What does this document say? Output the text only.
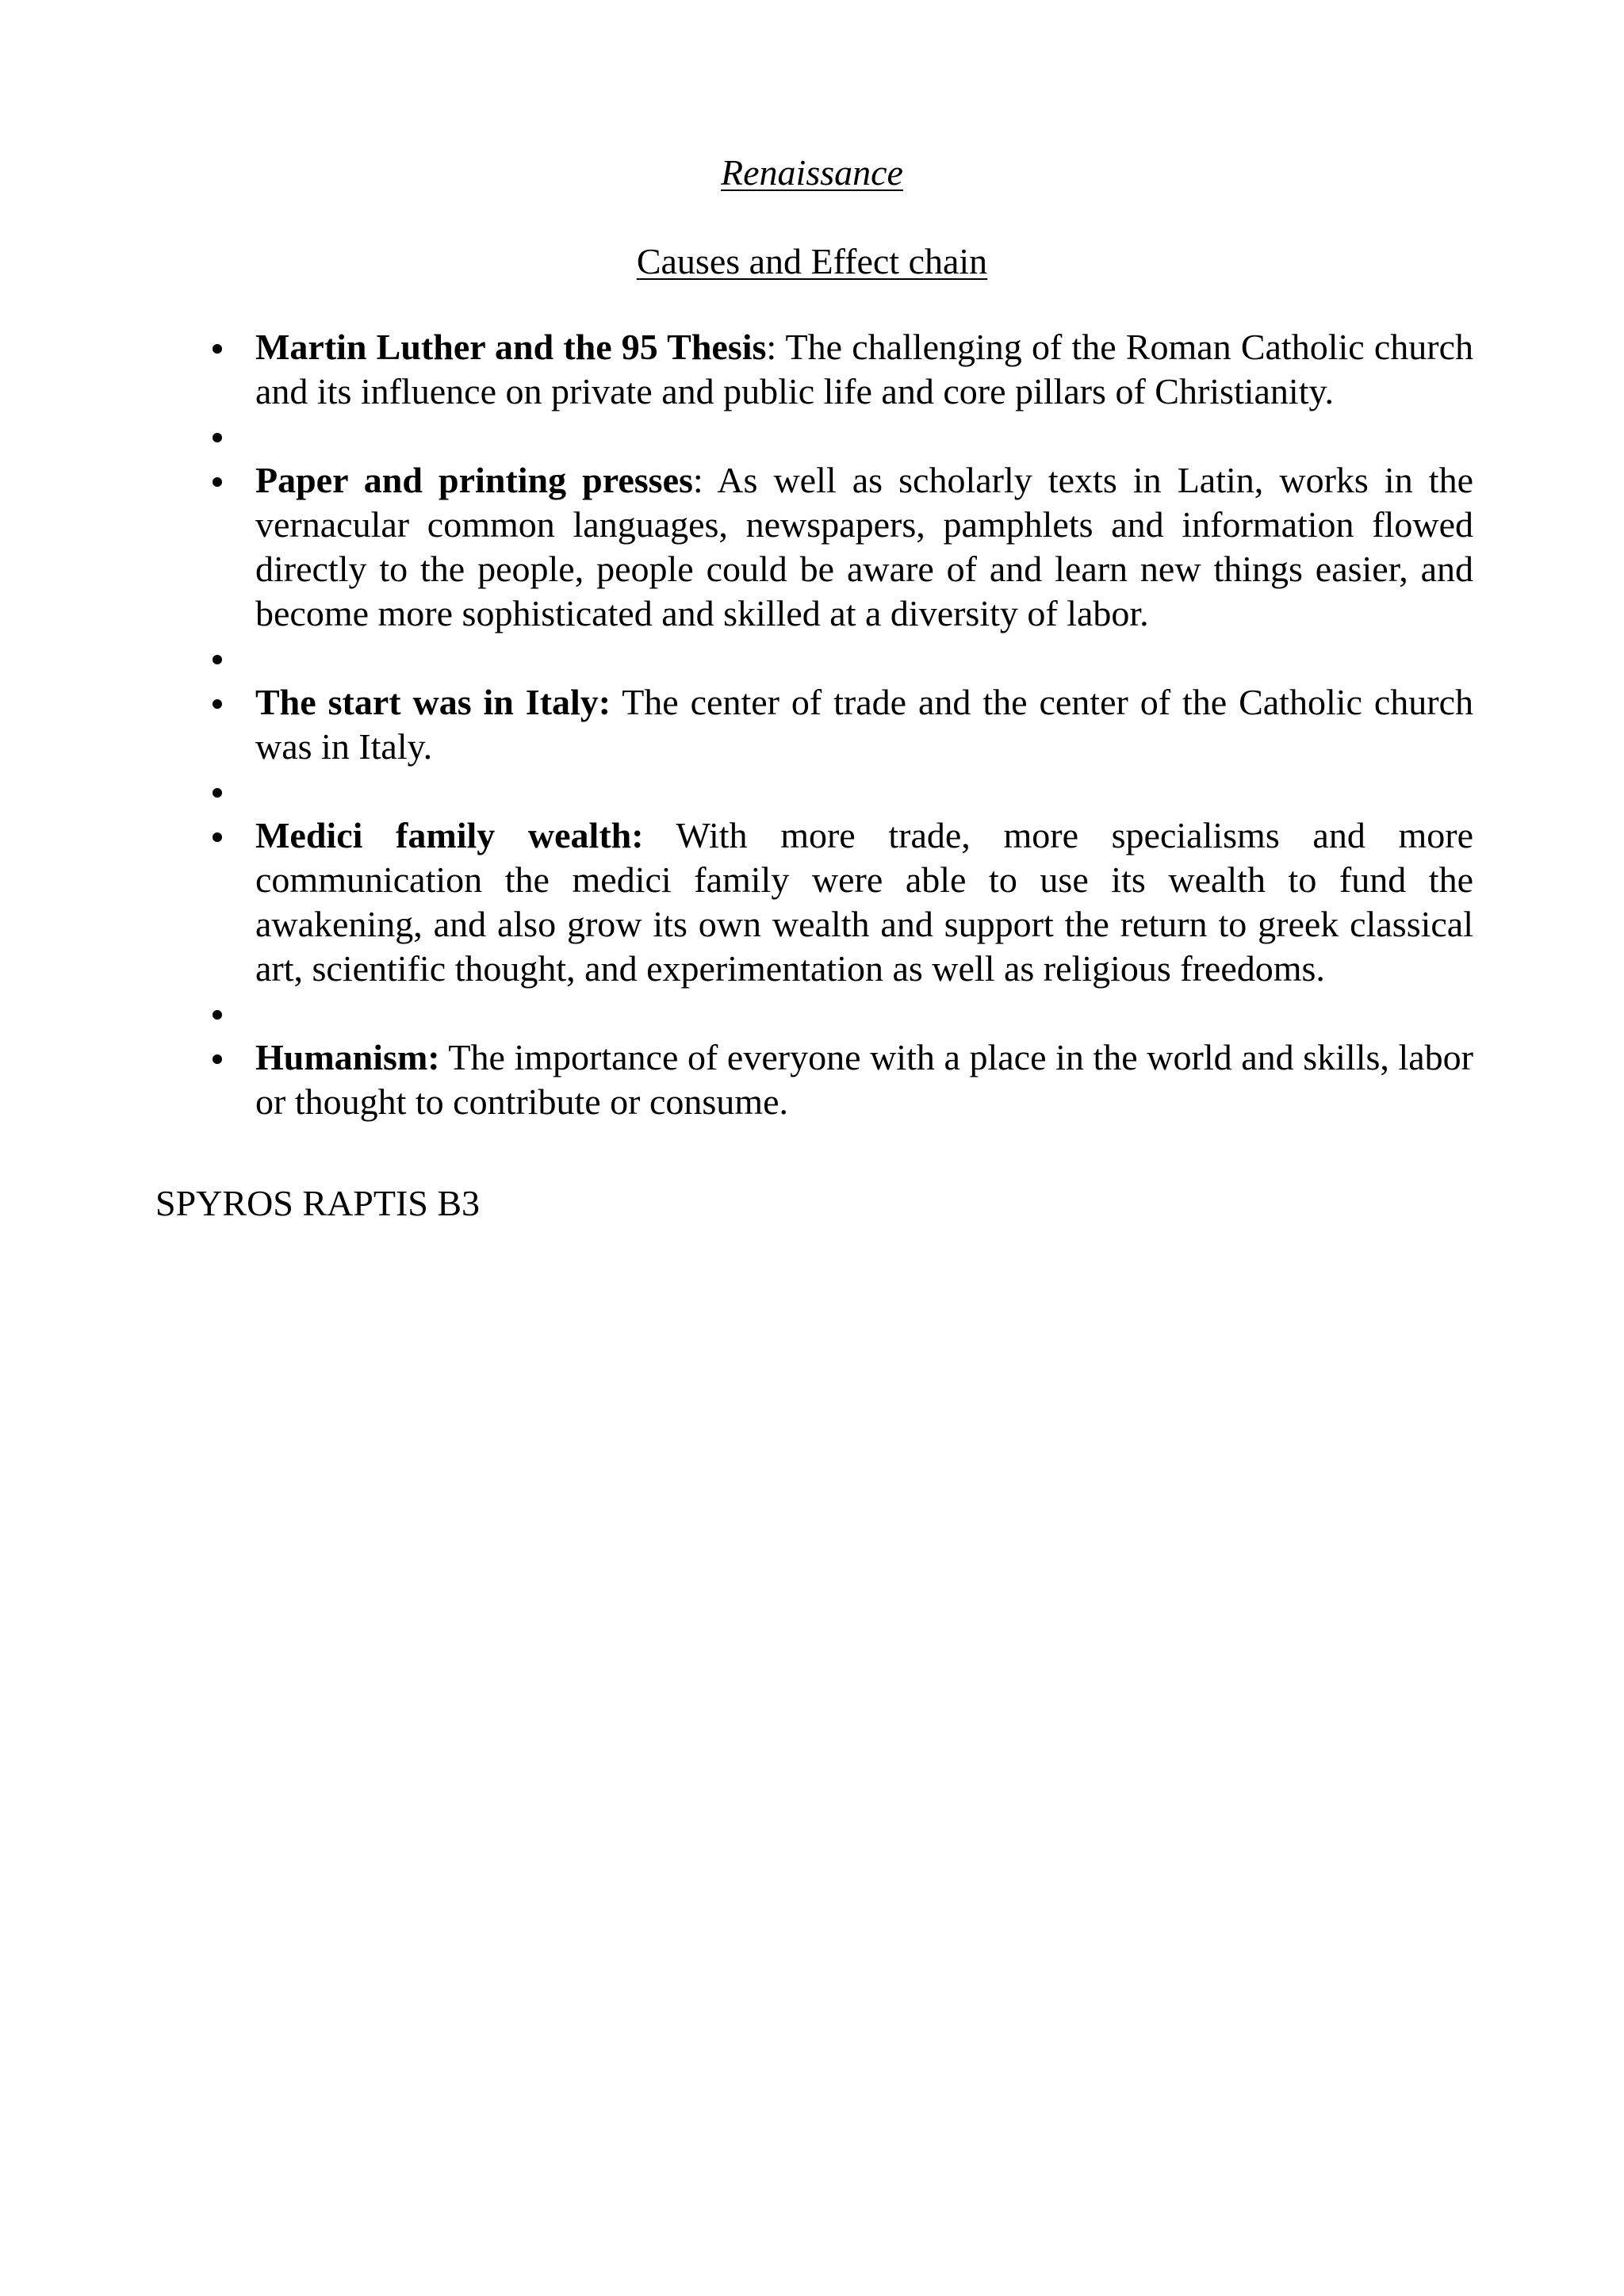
Renaissance
Causes and Effect chain
Martin Luther and the 95 Thesis: The challenging of the Roman Catholic church and its influence on private and public life and core pillars of Christianity.
Paper and printing presses: As well as scholarly texts in Latin, works in the vernacular common languages, newspapers, pamphlets and information flowed directly to the people, people could be aware of and learn new things easier, and become more sophisticated and skilled at a diversity of labor.
The start was in Italy: The center of trade and the center of the Catholic church was in Italy.
Medici family wealth: With more trade, more specialisms and more communication the medici family were able to use its wealth to fund the awakening, and also grow its own wealth and support the return to greek classical art, scientific thought, and experimentation as well as religious freedoms.
Humanism: The importance of everyone with a place in the world and skills, labor or thought to contribute or consume.
SPYROS RAPTIS B3
